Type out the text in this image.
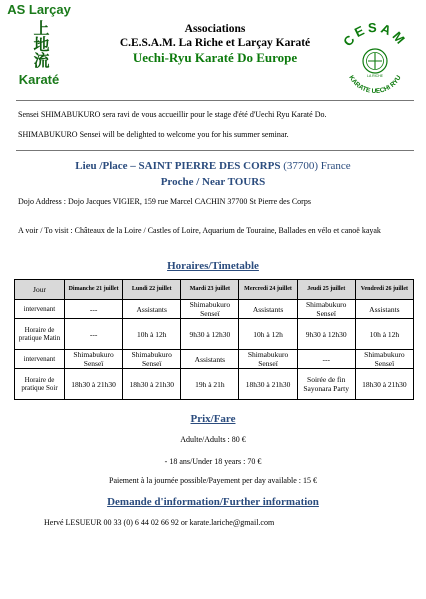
AS Larçay
上地流
Karaté
Associations
C.E.S.A.M. La Riche et Larçay Karaté
Uechi-Ryu Karaté Do Europe
CESAM
LA RICHE
KARATE UECHI RYU
Sensei SHIMABUKURO sera ravi de vous accueillir pour le stage d'été d'Uechi Ryu Karaté Do.
SHIMABUKURO Sensei will be delighted to welcome you for his summer seminar.
Lieu /Place – SAINT PIERRE DES CORPS (37700) France
Proche / Near TOURS
Dojo Address : Dojo Jacques VIGIER, 159 rue Marcel CACHIN 37700 St Pierre des Corps
A voir / To visit : Châteaux de la Loire / Castles of Loire, Aquarium de Touraine, Ballades en vélo et canoë kayak
Horaires/Timetable
Jour	Dimanche 21 juillet	Lundi 22 juillet	Mardi 23 juillet	Mercredi 24 juillet	Jeudi 25 juillet	Vendredi 26 juillet
intervenant	---	Assistants	Shimabukuro Senseï	Assistants	Shimabukuro Senseï	Assistants
Horaire de pratique Matin	---	10h à 12h	9h30 à 12h30	10h à 12h	9h30 à 12h30	10h à 12h
intervenant	Shimabukuro Senseï	Shimabukuro Senseï	Assistants	Shimabukuro Senseï	---	Shimabukuro Senseï
Horaire de pratique Soir	18h30 à 21h30	18h30 à 21h30	19h à 21h	18h30 à 21h30	Soirée de fin Sayonara Party	18h30 à 21h30
Prix/Fare
Adulte/Adults : 80 €
- 18 ans/Under 18 years : 70 €
Paiement à la journée possible/Payement per day available : 15 €
Demande d'information/Further information
Hervé LESUEUR 00 33 (0) 6 44 02 66 92 or karate.lariche@gmail.com
